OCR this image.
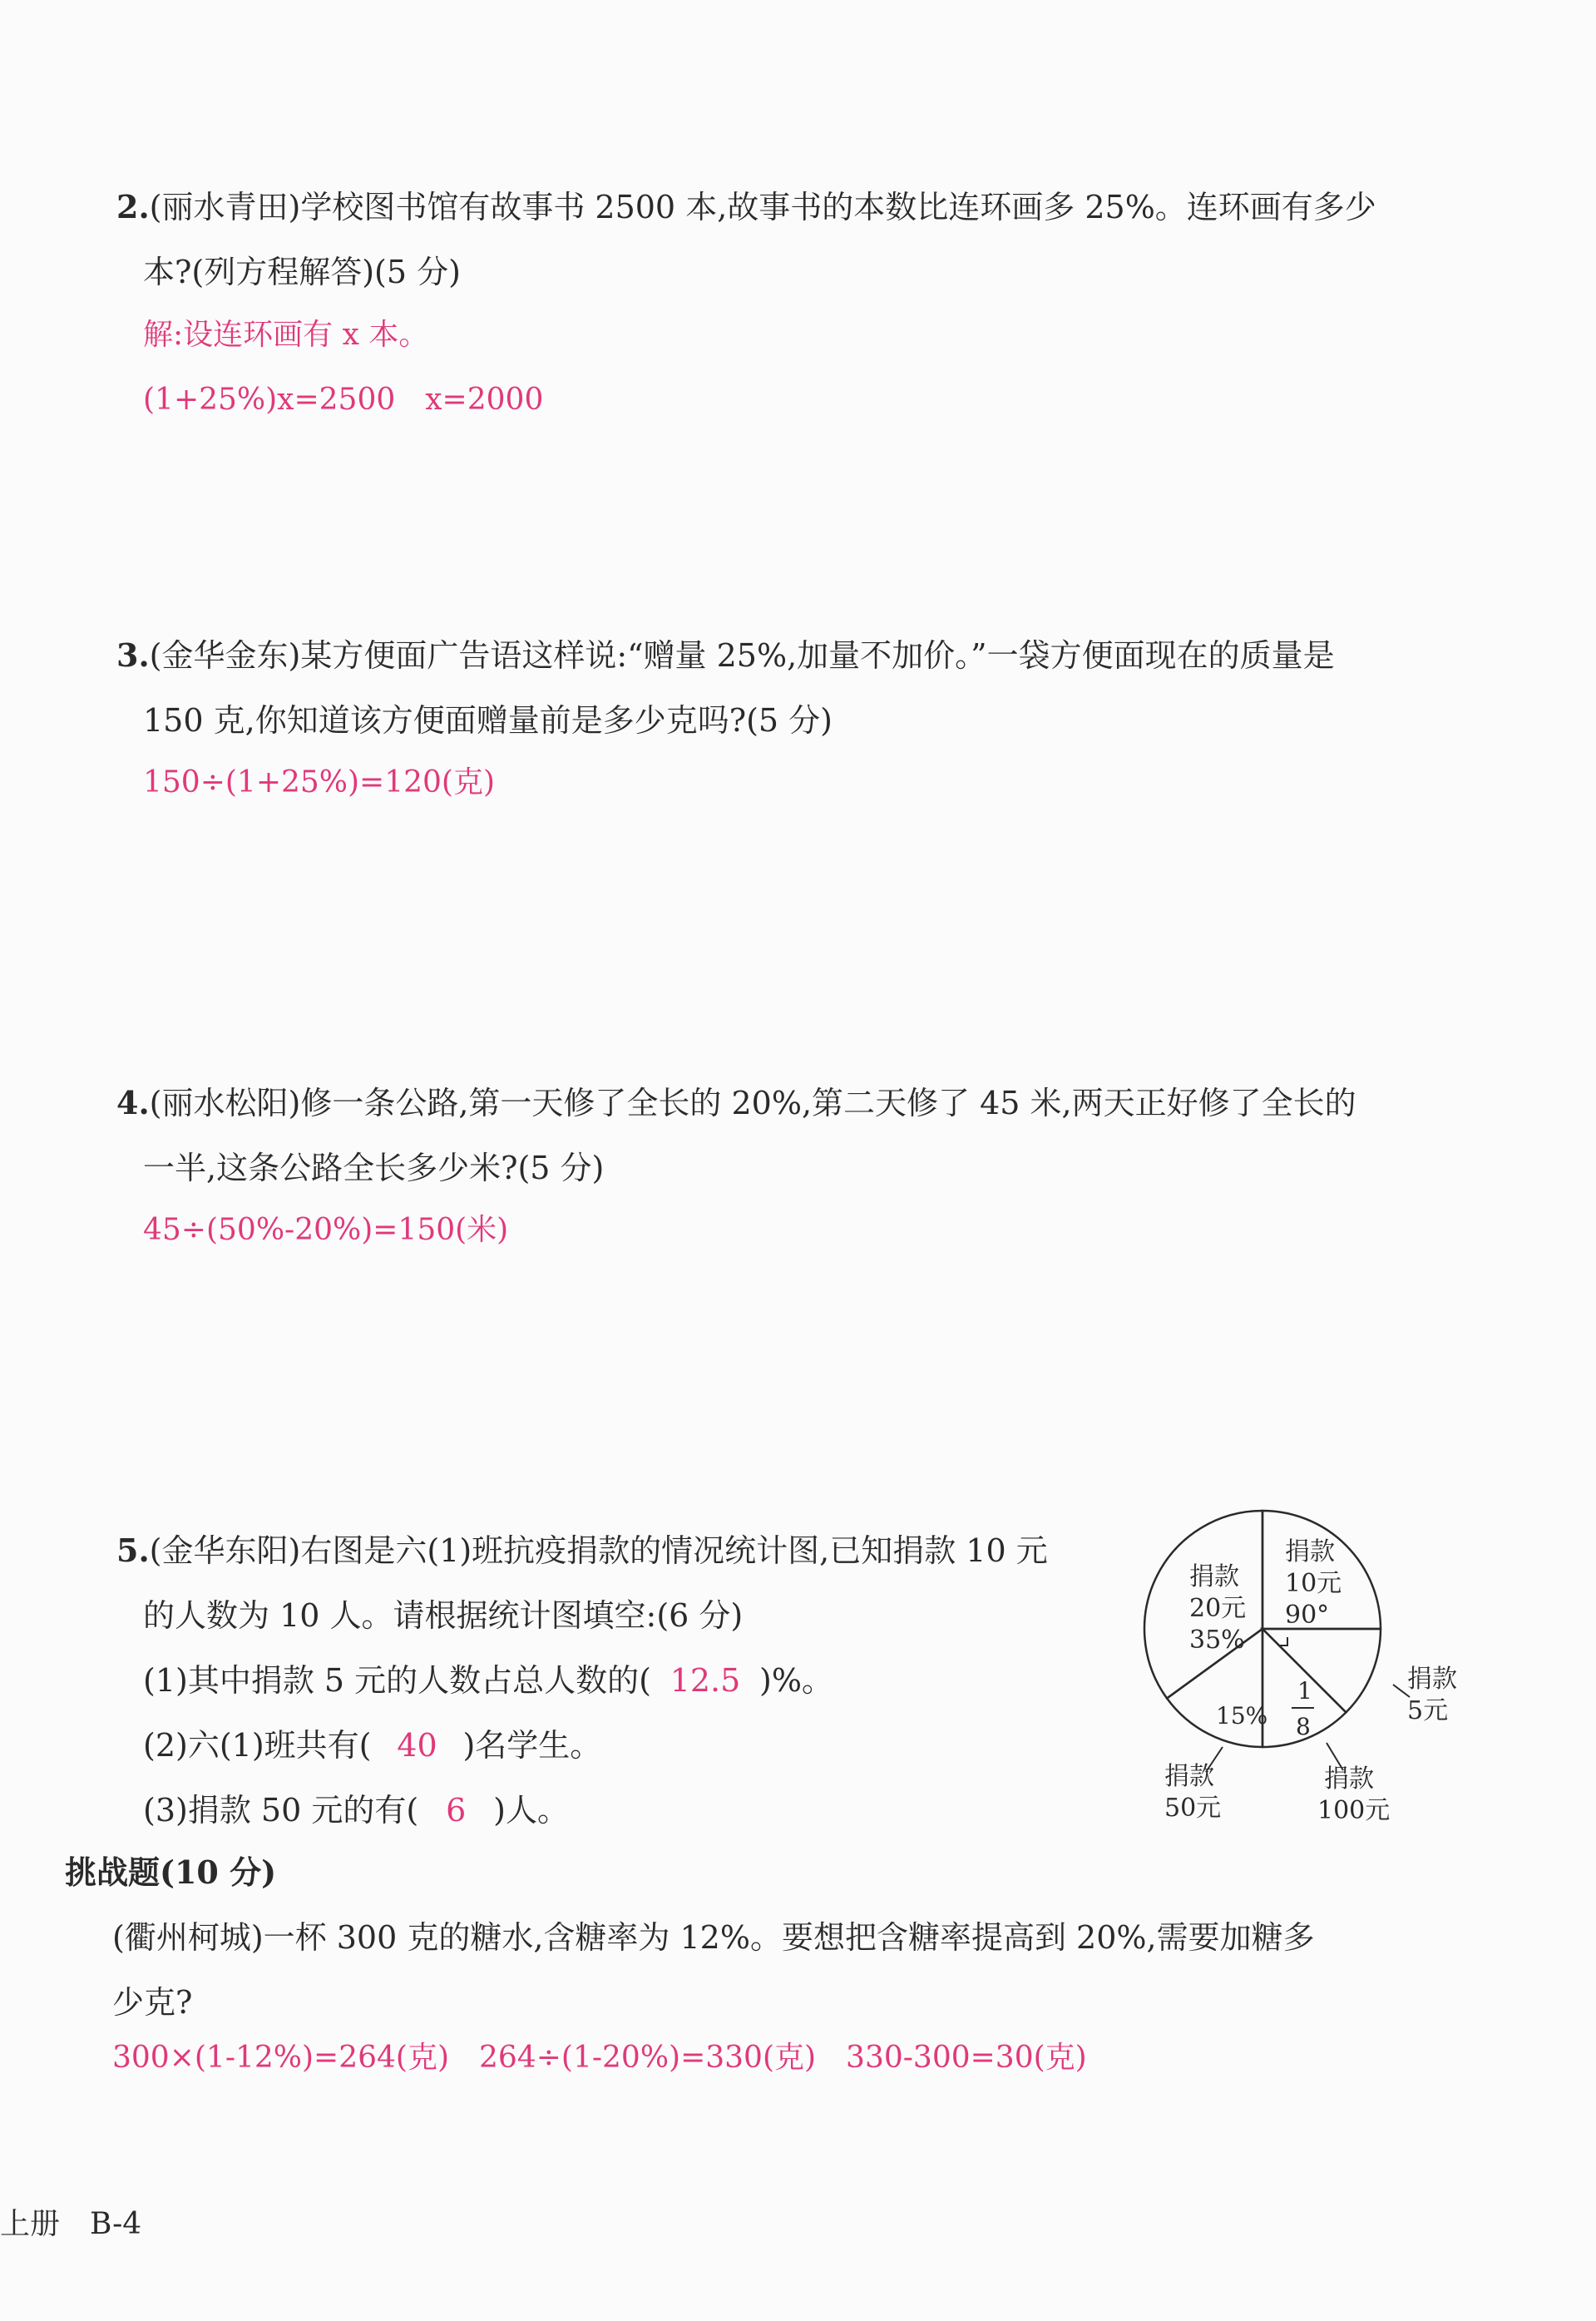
2.(丽水青田)学校图书馆有故事书 2500 本,故事书的本数比连环画多 25%。连环画有多少
本?(列方程解答)(5 分)
解:设连环画有 x 本。
(1+25%)x=2500　x=2000
3.(金华金东)某方便面广告语这样说:“赠量 25%,加量不加价。”一袋方便面现在的质量是
150 克,你知道该方便面赠量前是多少克吗?(5 分)
150÷(1+25%)=120(克)
4.(丽水松阳)修一条公路,第一天修了全长的 20%,第二天修了 45 米,两天正好修了全长的
一半,这条公路全长多少米?(5 分)
45÷(50%-20%)=150(米)
5.(金华东阳)右图是六(1)班抗疫捐款的情况统计图,已知捐款 10 元
的人数为 10 人。请根据统计图填空:(6 分)
(1)其中捐款 5 元的人数占总人数的( 12.5 )%。
(2)六(1)班共有( 40 )名学生。
(3)捐款 50 元的有( 6 )人。
捐款
10元
90°
捐款
20元
35%
15%
1
8
捐款
5元
捐款
50元
捐款
100元
挑战题(10 分)
(衢州柯城)一杯 300 克的糖水,含糖率为 12%。要想把含糖率提高到 20%,需要加糖多
少克?
300×(1-12%)=264(克)　264÷(1-20%)=330(克)　330-300=30(克)
上册　B-4
